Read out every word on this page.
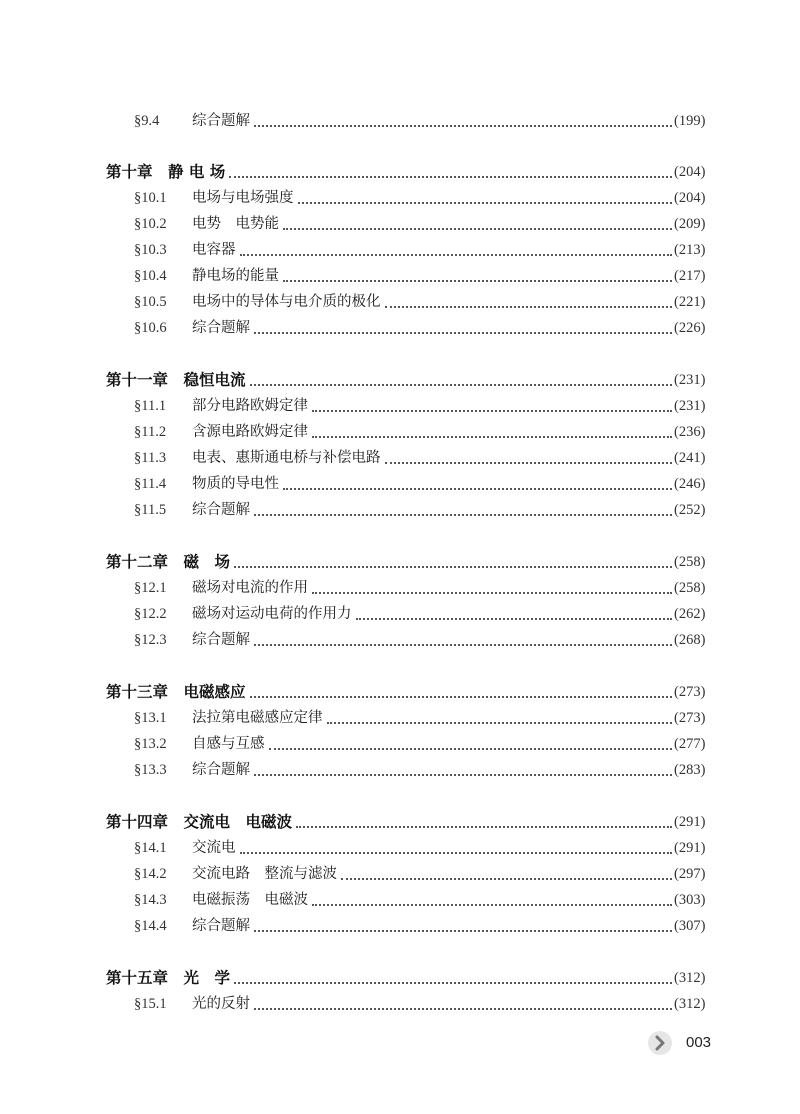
§9.4 综合题解	(199)
第十章　静 电 场	(204)
§10.1 电场与电场强度	(204)
§10.2 电势　电势能	(209)
§10.3 电容器	(213)
§10.4 静电场的能量	(217)
§10.5 电场中的导体与电介质的极化	(221)
§10.6 综合题解	(226)
第十一章　稳恒电流	(231)
§11.1 部分电路欧姆定律	(231)
§11.2 含源电路欧姆定律	(236)
§11.3 电表、惠斯通电桥与补偿电路	(241)
§11.4 物质的导电性	(246)
§11.5 综合题解	(252)
第十二章　磁　场	(258)
§12.1 磁场对电流的作用	(258)
§12.2 磁场对运动电荷的作用力	(262)
§12.3 综合题解	(268)
第十三章　电磁感应	(273)
§13.1 法拉第电磁感应定律	(273)
§13.2 自感与互感	(277)
§13.3 综合题解	(283)
第十四章　交流电　电磁波	(291)
§14.1 交流电	(291)
§14.2 交流电路　整流与滤波	(297)
§14.3 电磁振荡　电磁波	(303)
§14.4 综合题解	(307)
第十五章　光　学	(312)
§15.1 光的反射	(312)
003
